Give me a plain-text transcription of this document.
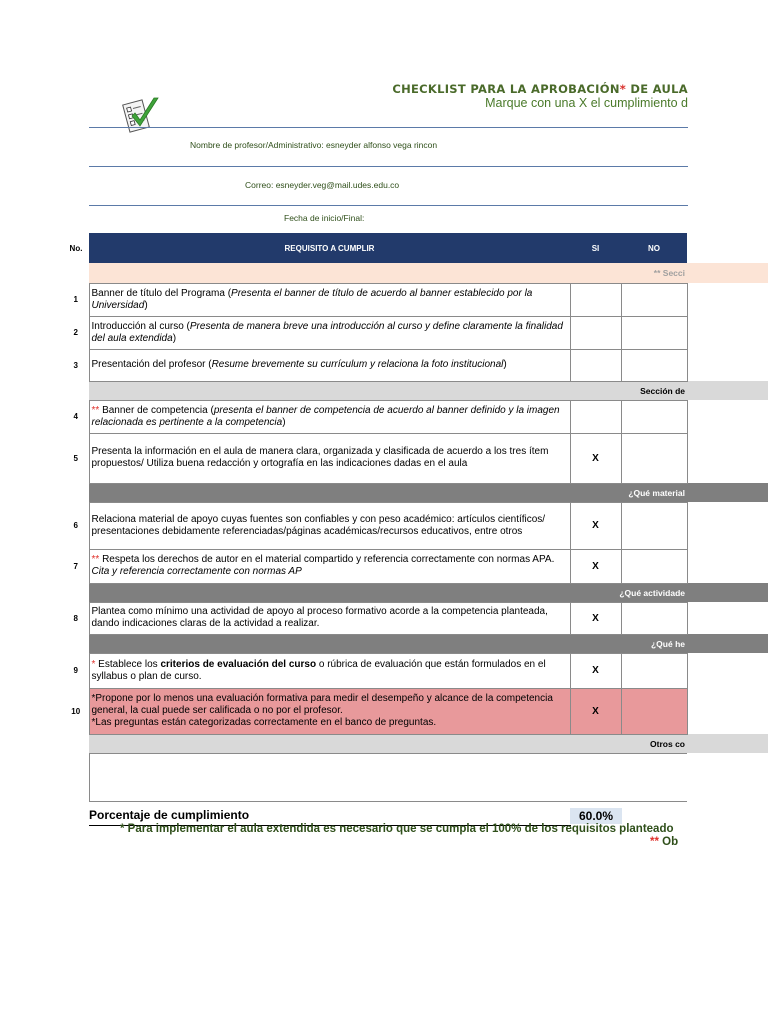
CHECKLIST PARA LA APROBACIÓN* DE AULA
Marque con una X el cumplimiento d
Nombre de profesor/Administrativo: esneyder alfonso vega rincon
Correo: esneyder.veg@mail.udes.edu.co
Fecha de inicio/Final:
No.	REQUISITO A CUMPLIR	SI	NO	
	** Secci			
1	Banner de título del Programa (Presenta el banner de título de acuerdo al banner establecido por la Universidad)			
2	Introducción al curso (Presenta de manera breve una introducción al curso y define claramente la finalidad del aula extendida)			
3	Presentación del profesor (Resume brevemente su currículum y relaciona la foto institucional)			
	Sección de			
4	** Banner de competencia (presenta el banner de competencia de acuerdo al banner definido y la imagen relacionada es pertinente a la competencia)			
5	Presenta la información en el aula de manera clara, organizada y clasificada de acuerdo a los tres ítem propuestos/ Utiliza buena redacción y ortografía en las indicaciones dadas en el aula	X		
	¿Qué material			
6	Relaciona material de apoyo cuyas fuentes son confiables y con peso académico: artículos científicos/ presentaciones debidamente referenciadas/páginas académicas/recursos educativos, entre otros	X		
7	** Respeta los derechos de autor en el material compartido y referencia correctamente con normas APA. Cita y referencia correctamente con normas AP	X		
	¿Qué actividade			
8	Plantea como mínimo una actividad de apoyo al proceso formativo acorde a la competencia planteada, dando indicaciones claras de la actividad a realizar.	X		
	¿Qué he			
9	* Establece los criterios de evaluación del curso o rúbrica de evaluación que están formulados en el syllabus o plan de curso.	X		
10	*Propone por lo menos una evaluación formativa para medir el desempeño y alcance de la competencia general, la cual puede ser calificada o no por el profesor.
*Las preguntas están categorizadas correctamente en el banco de preguntas.	X		
	Otros co			

Porcentaje de cumplimiento	60.0%
* Para implementar el aula extendida es necesario que se cumpla el 100% de los requisitos planteado
** Ob
